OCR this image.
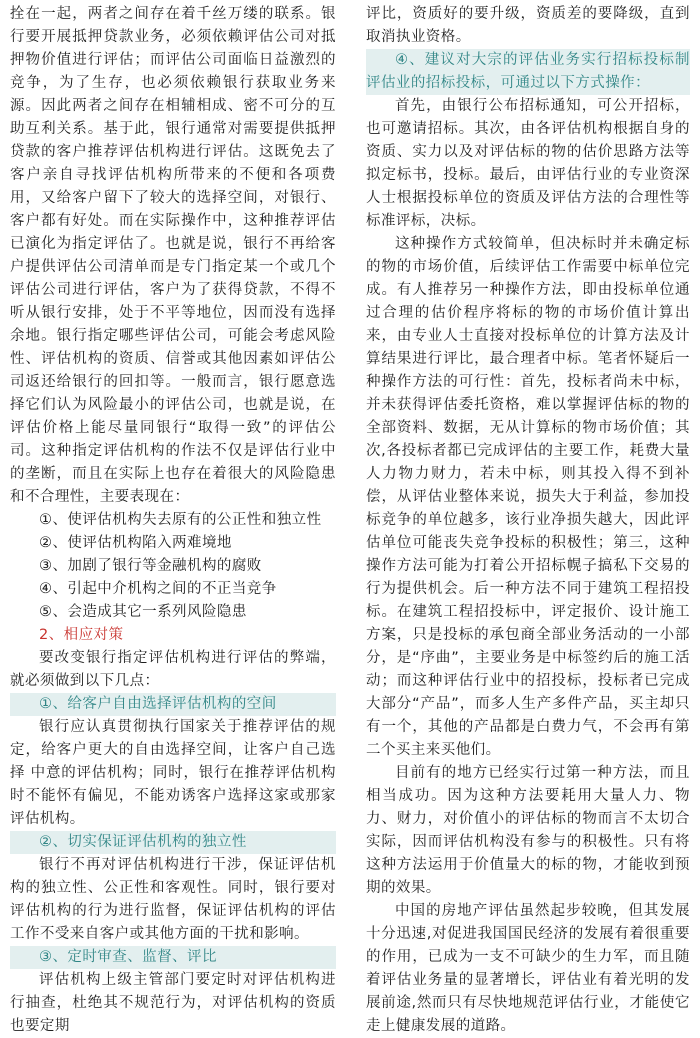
拴在一起，两者之间存在着千丝万缕的联系。银行要开展抵押贷款业务，必须依赖评估公司对抵押物价值进行评估；而评估公司面临日益激烈的竞争，为了生存，也必须依赖银行获取业务来源。因此两者之间存在相辅相成、密不可分的互助互利关系。基于此，银行通常对需要提供抵押贷款的客户推荐评估机构进行评估。这既免去了客户亲自寻找评估机构所带来的不便和各项费用，又给客户留下了较大的选择空间，对银行、客户都有好处。而在实际操作中，这种推荐评估已演化为指定评估了。也就是说，银行不再给客户提供评估公司清单而是专门指定某一个或几个评估公司进行评估，客户为了获得贷款，不得不听从银行安排，处于不平等地位，因而没有选择余地。银行指定哪些评估公司，可能会考虑风险性、评估机构的资质、信誉或其他因素如评估公司返还给银行的回扣等。一般而言，银行愿意选择它们认为风险最小的评估公司，也就是说，在评估价格上能尽量同银行“取得一致”的评估公司。这种指定评估机构的作法不仅是评估行业中的垄断，而且在实际上也存在着很大的风险隐患和不合理性，主要表现在：

①、使评估机构失去原有的公正性和独立性

②、使评估机构陷入两难境地

③、加剧了银行等金融机构的腐败

④、引起中介机构之间的不正当竞争

⑤、会造成其它一系列风险隐患

2、相应对策

要改变银行指定评估机构进行评估的弊端，就必须做到以下几点：

①、给客户自由选择评估机构的空间

银行应认真贯彻执行国家关于推荐评估的规定，给客户更大的自由选择空间，让客户自己选择 中意的评估机构；同时，银行在推荐评估机构时不能怀有偏见，不能劝诱客户选择这家或那家评估机构。

②、切实保证评估机构的独立性

银行不再对评估机构进行干涉，保证评估机构的独立性、公正性和客观性。同时，银行要对评估机构的行为进行监督，保证评估机构的评估工作不受来自客户或其他方面的干扰和影响。

③、定时审查、监督、评比

评估机构上级主管部门要定时对评估机构进行抽查，杜绝其不规范行为，对评估机构的资质也要定期

评比，资质好的要升级，资质差的要降级，直到取消执业资格。

④、建议对大宗的评估业务实行招标投标制 评估业的招标投标，可通过以下方式操作：

首先，由银行公布招标通知，可公开招标，也可邀请招标。其次，由各评估机构根据自身的资质、实力以及对评估标的物的估价思路方法等拟定标书，投标。最后，由评估行业的专业资深人士根据投标单位的资质及评估方法的合理性等标准评标，决标。

这种操作方式较简单，但决标时并未确定标的物的市场价值，后续评估工作需要中标单位完成。有人推荐另一种操作方法，即由投标单位通过合理的估价程序将标的物的市场价值计算出来，由专业人士直接对投标单位的计算方法及计算结果进行评比，最合理者中标。笔者怀疑后一种操作方法的可行性：首先，投标者尚未中标，并未获得评估委托资格，难以掌握评估标的物的全部资料、数据，无从计算标的物市场价值；其次,各投标者都已完成评估的主要工作，耗费大量人力物力财力，若未中标，则其投入得不到补偿，从评估业整体来说，损失大于利益，参加投标竞争的单位越多，该行业净损失越大，因此评估单位可能丧失竞争投标的积极性；第三，这种操作方法可能为打着公开招标幌子搞私下交易的行为提供机会。后一种方法不同于建筑工程招投标。在建筑工程招投标中，评定报价、设计施工方案，只是投标的承包商全部业务活动的一小部分，是“序曲”，主要业务是中标签约后的施工活动；而这种评估行业中的招投标，投标者已完成大部分“产品”，而多人生产多件产品，买主却只有一个，其他的产品都是白费力气，不会再有第二个买主来买他们。

目前有的地方已经实行过第一种方法，而且相当成功。因为这种方法要耗用大量人力、物力、财力，对价值小的评估标的物而言不太切合实际，因而评估机构没有参与的积极性。只有将这种方法运用于价值量大的标的物，才能收到预期的效果。

中国的房地产评估虽然起步较晚，但其发展十分迅速,对促进我国国民经济的发展有着很重要的作用，已成为一支不可缺少的生力军，而且随着评估业务量的显著增长，评估业有着光明的发展前途,然而只有尽快地规范评估行业，才能使它走上健康发展的道路。
